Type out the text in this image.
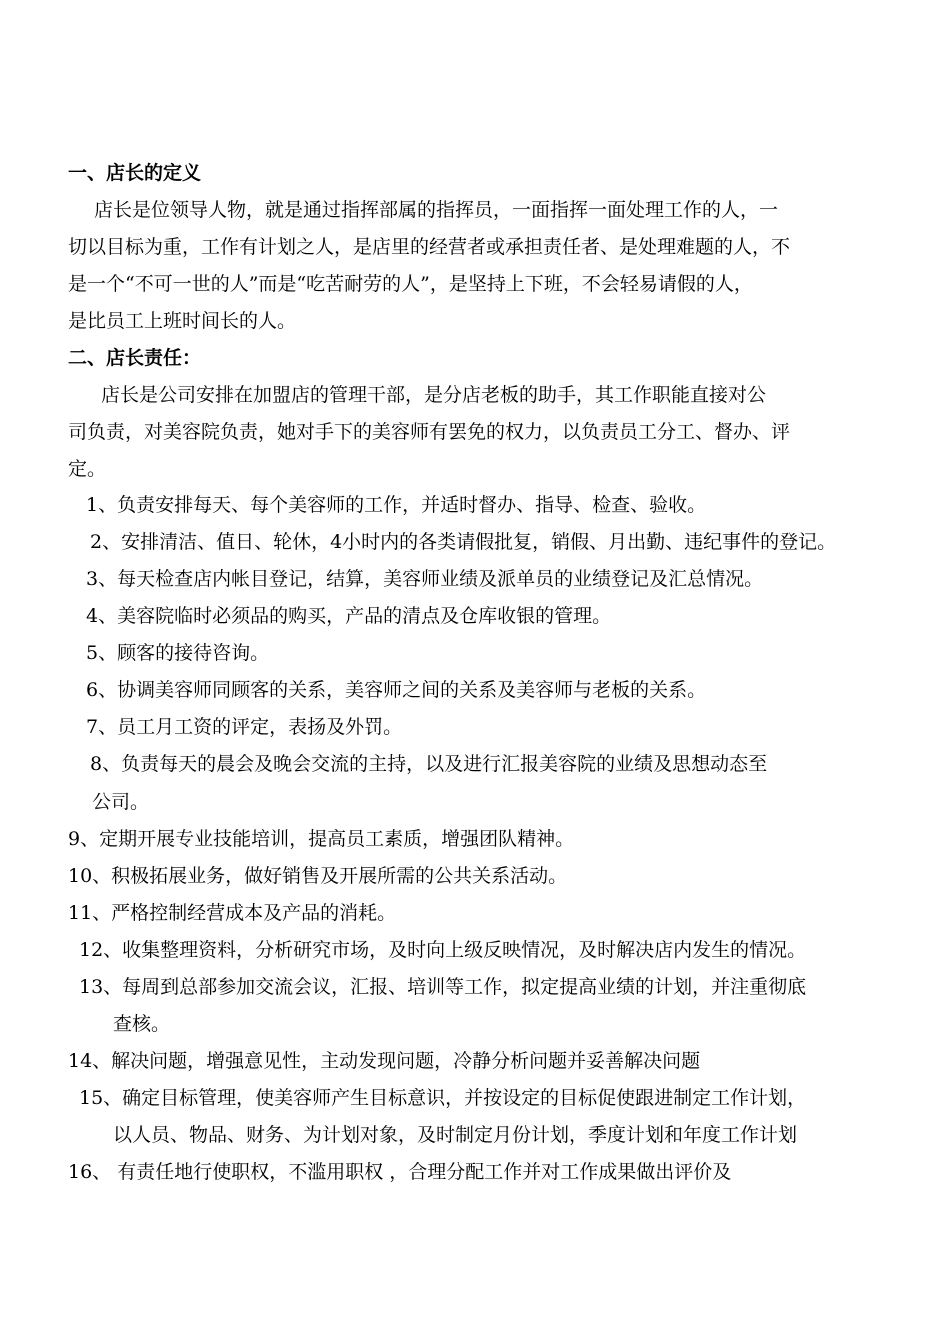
一、店长的定义
店长是位领导人物，就是通过指挥部属的指挥员，一面指挥一面处理工作的人，一
切以目标为重，工作有计划之人，是店里的经营者或承担责任者、是处理难题的人，不
是一个“不可一世的人”而是“吃苦耐劳的人”，是坚持上下班，不会轻易请假的人，
是比员工上班时间长的人。
二、店长责任：
店长是公司安排在加盟店的管理干部，是分店老板的助手，其工作职能直接对公
司负责，对美容院负责，她对手下的美容师有罢免的权力，以负责员工分工、督办、评
定。
1、负责安排每天、每个美容师的工作，并适时督办、指导、检查、验收。
2、安排清洁、值日、轮休，4小时内的各类请假批复，销假、月出勤、违纪事件的登记。
3、每天检查店内帐目登记，结算，美容师业绩及派单员的业绩登记及汇总情况。
4、美容院临时必须品的购买，产品的清点及仓库收银的管理。
5、顾客的接待咨询。
6、协调美容师同顾客的关系，美容师之间的关系及美容师与老板的关系。
7、员工月工资的评定，表扬及外罚。
8、负责每天的晨会及晚会交流的主持，以及进行汇报美容院的业绩及思想动态至
公司。
9、定期开展专业技能培训，提高员工素质，增强团队精神。
10、积极拓展业务，做好销售及开展所需的公共关系活动。
11、严格控制经营成本及产品的消耗。
12、收集整理资料，分析研究市场，及时向上级反映情况，及时解决店内发生的情况。
13、每周到总部参加交流会议，汇报、培训等工作，拟定提高业绩的计划，并注重彻底
查核。
14、解决问题，增强意见性，主动发现问题，冷静分析问题并妥善解决问题
15、确定目标管理，使美容师产生目标意识，并按设定的目标促使跟进制定工作计划，
以人员、物品、财务、为计划对象，及时制定月份计划，季度计划和年度工作计划
16、 有责任地行使职权，不滥用职权 ，合理分配工作并对工作成果做出评价及
